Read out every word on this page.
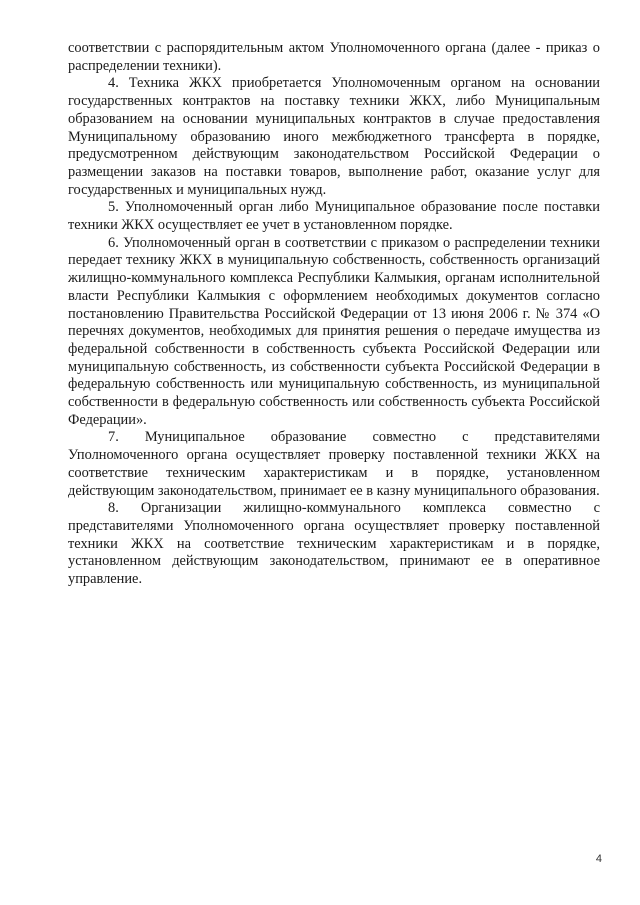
соответствии с распорядительным актом Уполномоченного органа (далее - приказ о распределении техники).

4. Техника ЖКХ приобретается Уполномоченным органом на основании государственных контрактов на поставку техники ЖКХ, либо Муниципальным образованием на основании муниципальных контрактов в случае предоставления Муниципальному образованию иного межбюджетного трансферта в порядке, предусмотренном действующим законодательством Российской Федерации о размещении заказов на поставки товаров, выполнение работ, оказание услуг для государственных и муниципальных нужд.

5. Уполномоченный орган либо Муниципальное образование после поставки техники ЖКХ осуществляет ее учет в установленном порядке.

6. Уполномоченный орган в соответствии с приказом о распределении техники передает технику ЖКХ в муниципальную собственность, собственность организаций жилищно-коммунального комплекса Республики Калмыкия, органам исполнительной власти Республики Калмыкия с оформлением необходимых документов согласно постановлению Правительства Российской Федерации от 13 июня 2006 г. № 374 «О перечнях документов, необходимых для принятия решения о передаче имущества из федеральной собственности в собственность субъекта Российской Федерации или муниципальную собственность, из собственности субъекта Российской Федерации в федеральную собственность или муниципальную собственность, из муниципальной собственности в федеральную собственность или собственность субъекта Российской Федерации».

7. Муниципальное образование совместно с представителями Уполномоченного органа осуществляет проверку поставленной техники ЖКХ на соответствие техническим характеристикам и в порядке, установленном действующим законодательством, принимает ее в казну муниципального образования.

8. Организации жилищно-коммунального комплекса совместно с представителями Уполномоченного органа осуществляет проверку поставленной техники ЖКХ на соответствие техническим характеристикам и в порядке, установленном действующим законодательством, принимают ее в оперативное управление.

4
